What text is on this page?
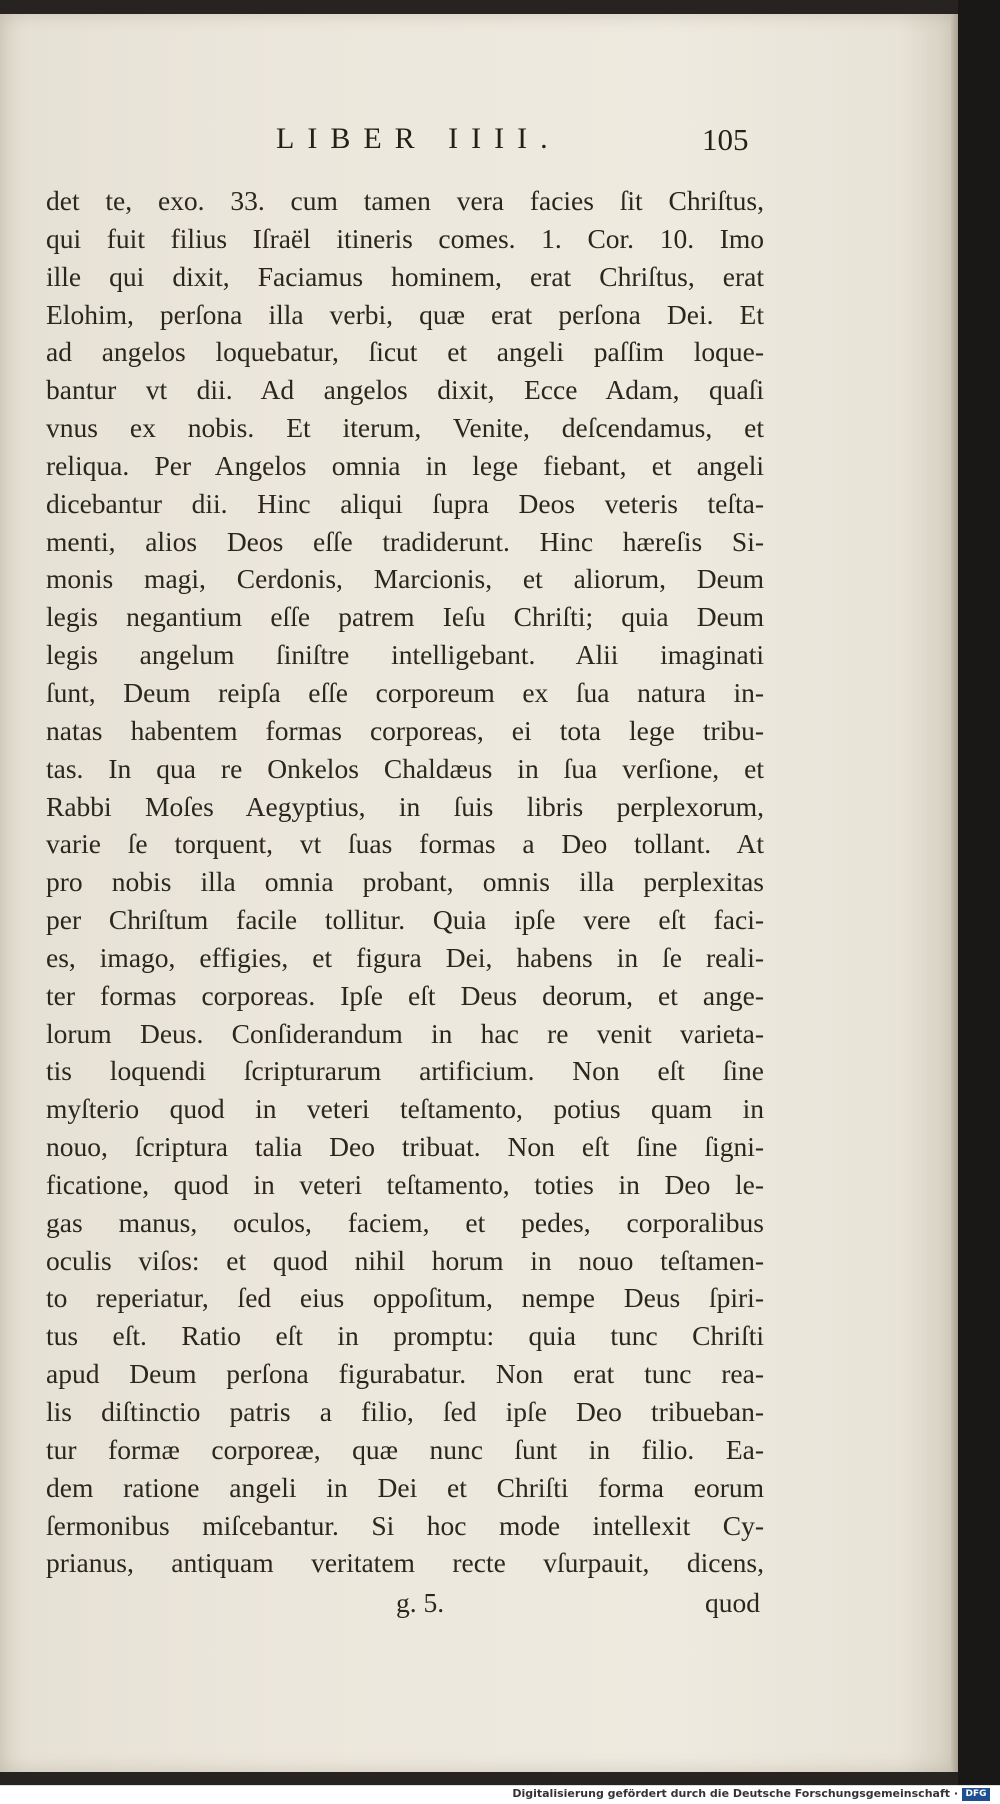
LIBER IIII.	105
det te, exo. 33. cum tamen vera facies ſit Chriſtus,
qui fuit filius Iſraël itineris comes. 1. Cor. 10. Imo
ille qui dixit, Faciamus hominem, erat Chriſtus, erat
Elohim, perſona illa verbi, quæ erat perſona Dei. Et
ad angelos loquebatur, ſicut et angeli paſſim loque-
bantur vt dii. Ad angelos dixit, Ecce Adam, quaſi
vnus ex nobis. Et iterum, Venite, deſcendamus, et
reliqua. Per Angelos omnia in lege fiebant, et angeli
dicebantur dii. Hinc aliqui ſupra Deos veteris teſta-
menti, alios Deos eſſe tradiderunt. Hinc hæreſis Si-
monis magi, Cerdonis, Marcionis, et aliorum, Deum
legis negantium eſſe patrem Ieſu Chriſti; quia Deum
legis angelum ſiniſtre intelligebant. Alii imaginati
ſunt, Deum reipſa eſſe corporeum ex ſua natura in-
natas habentem formas corporeas, ei tota lege tribu-
tas. In qua re Onkelos Chaldæus in ſua verſione, et
Rabbi Moſes Aegyptius, in ſuis libris perplexorum,
varie ſe torquent, vt ſuas formas a Deo tollant. At
pro nobis illa omnia probant, omnis illa perplexitas
per Chriſtum facile tollitur. Quia ipſe vere eſt faci-
es, imago, effigies, et figura Dei, habens in ſe reali-
ter formas corporeas. Ipſe eſt Deus deorum, et ange-
lorum Deus. Conſiderandum in hac re venit varieta-
tis loquendi ſcripturarum artificium. Non eſt ſine
myſterio quod in veteri teſtamento, potius quam in
nouo, ſcriptura talia Deo tribuat. Non eſt ſine ſigni-
ficatione, quod in veteri teſtamento, toties in Deo le-
gas manus, oculos, faciem, et pedes, corporalibus
oculis viſos: et quod nihil horum in nouo teſtamen-
to reperiatur, ſed eius oppoſitum, nempe Deus ſpiri-
tus eſt. Ratio eſt in promptu: quia tunc Chriſti
apud Deum perſona figurabatur. Non erat tunc rea-
lis diſtinctio patris a filio, ſed ipſe Deo tribueban-
tur formæ corporeæ, quæ nunc ſunt in filio. Ea-
dem ratione angeli in Dei et Chriſti forma eorum
ſermonibus miſcebantur. Si hoc mode intellexit Cy-
prianus, antiquam veritatem recte vſurpauit, dicens,
g. 5.	quod
Digitalisierung gefördert durch die Deutsche Forschungsgemeinschaft · DFG
